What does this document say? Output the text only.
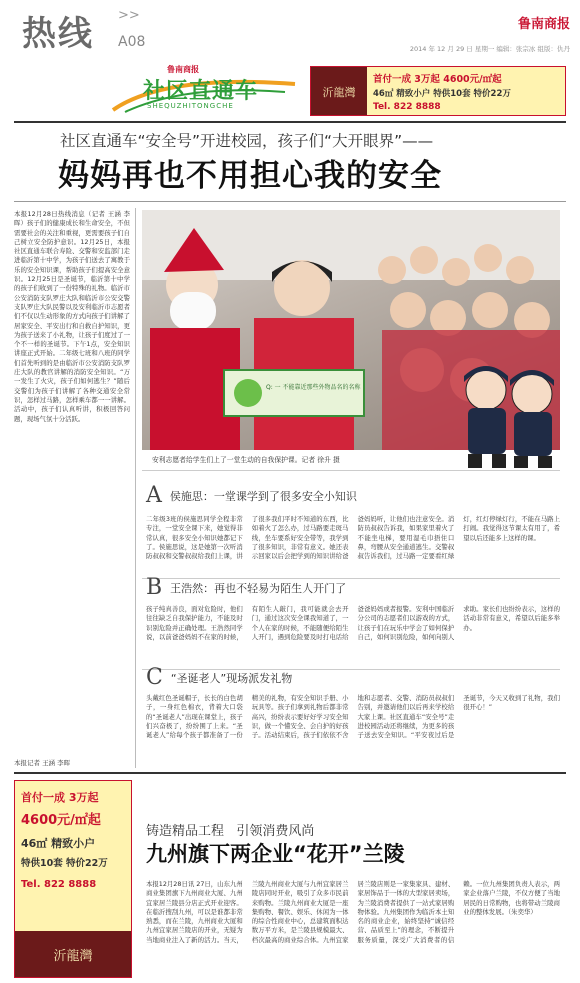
热线 >>
A08
鲁南商报
2014 年 12 月 29 日 星期一 编辑：张宗冰 组版：仇丹
鲁南商报
社区直通车
SHEQUZHITONGCHE
沂龍灣
首付一成 3万起 4600元/㎡起
46㎡ 精致小户 特供10套 特价22万
Tel. 822 8888
社区直通车“安全号”开进校园，孩子们“大开眼界”——
妈妈再也不用担心我的安全
本报12月28日热线消息（记者 王涵 李晖）孩子们的健康成长和生命安全，不但需要社会的关注和重视，更需要孩子们自己树立安全防护意识。12月25日，本报社区直通车联合寿险、交警和安监部门走进临沂第十中学，为孩子们送去了寓教于乐的安全知识课，帮助孩子们提高安全意识。12月25日是圣诞节，临沂第十中学的孩子们收到了一份特殊的礼物。临沂市公安消防支队罗庄大队和临沂市公安交警支队罗庄大队民警以及安利临沂市志愿者们不仅以生动形象的方式向孩子们讲解了居家安全、平安出行和自救自护知识，更为孩子送来了小礼物，让孩子们度过了一个不一样的圣诞节。下午1点，安全知识讲座正式开始。二年级七班和八班的同学们首先听到的是由临沂市公安消防支队罗庄大队的教官讲解的消防安全知识。“万一发生了火灾，孩子们如何逃生？”随后交警们为孩子们讲解了各种交通安全常识，怎样过马路，怎样乘车都一一讲解。活动中，孩子们认真听讲，积极回答问题，现场气氛十分活跃。
本报记者 王涵 李晖
Q: 一 不能靠近那些外物品名的名称
安利志愿者给学生们上了一堂生动的自我保护课。记者 徐升 摄
A 侯施思：一堂课学到了很多安全小知识
二年级3班的侯施思同学全程非常专注，一堂安全课下来，她觉得非常认真，很多安全小知识她都记下了。侯施思说，这是她第一次听消防叔叔和交警叔叔给我们上课，讲了很多我们平时不知道的东西，比如着火了怎么办，过马路要走斑马线，坐车要系好安全带等，我学到了很多知识，非常有意义。她还表示回家以后会把学到的知识讲给爸爸妈妈听，让他们也注意安全。消防员叔叔告诉我，如果家里着火了不能坐电梯，要用湿毛巾捂住口鼻，弯腰从安全通道逃生。交警叔叔告诉我们，过马路一定要看红绿灯，红灯停绿灯行，不能在马路上打闹。我觉得这节课太有用了，希望以后还能多上这样的课。
B 王浩然：再也不轻易为陌生人开门了
孩子纯真善良，面对危险时，他们往往缺乏自我保护能力，不能及时识别危险并正确处理。王浩然同学说，以前爸爸妈妈不在家的时候，有陌生人敲门，我可能就会去开门，通过这次安全课我知道了，一个人在家的时候，不能随便给陌生人开门，遇到危险要及时打电话给爸爸妈妈或者报警。安利中国临沂分公司的志愿者们以游戏的方式，让孩子们在玩乐中学会了如何保护自己，如何识别危险，如何向别人求助。家长们也纷纷表示，这样的活动非常有意义，希望以后能多举办。
C “圣诞老人”现场派发礼物
头戴红色圣诞帽子，长长的白色胡子，一身红色棉衣，背着大口袋的“圣诞老人”出现在课堂上，孩子们兴奋极了，纷纷围了上来。“圣诞老人”给每个孩子都准备了一份精美的礼物，有安全知识手册、小玩具等。孩子们拿到礼物后都非常高兴，纷纷表示要好好学习安全知识，做一个懂安全、会自护的好孩子。活动结束后，孩子们依依不舍地和志愿者、交警、消防员叔叔们告别，并邀请他们以后再来学校给大家上课。社区直通车“安全号”走进校园活动还将继续，为更多的孩子送去安全知识。“平安夜过后是圣诞节，今天又收到了礼物，我们很开心！”
首付一成 3万起
4600元/㎡起
46㎡ 精致小户
特供10套 特价22万
Tel. 822 8888
沂龍灣
铸造精品工程   引领消费风尚
九州旗下两企业“花开”兰陵
本报12月28日讯 27日，山东九州商业集团旗下九州商业大厦、九州宜家居兰陵县分店正式开业迎客。在临沂搜刮九州，可以是谁都非常熟悉，而在兰陵，九州商业大厦和九州宜家居兰陵店的开业，无疑为当地商业注入了新的活力。当天，兰陵九州商业大厦与九州宜家居兰陵店同时开业，吸引了众多市民前来购物。兰陵九州商业大厦是一座集购物、餐饮、娱乐、休闲为一体的综合性商业中心，总建筑面积达数万平方米，是兰陵县规模最大、档次最高的商业综合体。九州宜家居兰陵店则是一家集家具、建材、家居饰品于一体的大型家居卖场，为兰陵消费者提供了一站式家居购物体验。九州集团作为临沂本土知名的商业企业，始终坚持“诚信经营、品质至上”的理念，不断提升服务质量，深受广大消费者的信赖。一位九州集团负责人表示，两家企业落户兰陵，不仅方便了当地居民的日常购物，也将带动兰陵商业的整体发展。（朱奕华）
